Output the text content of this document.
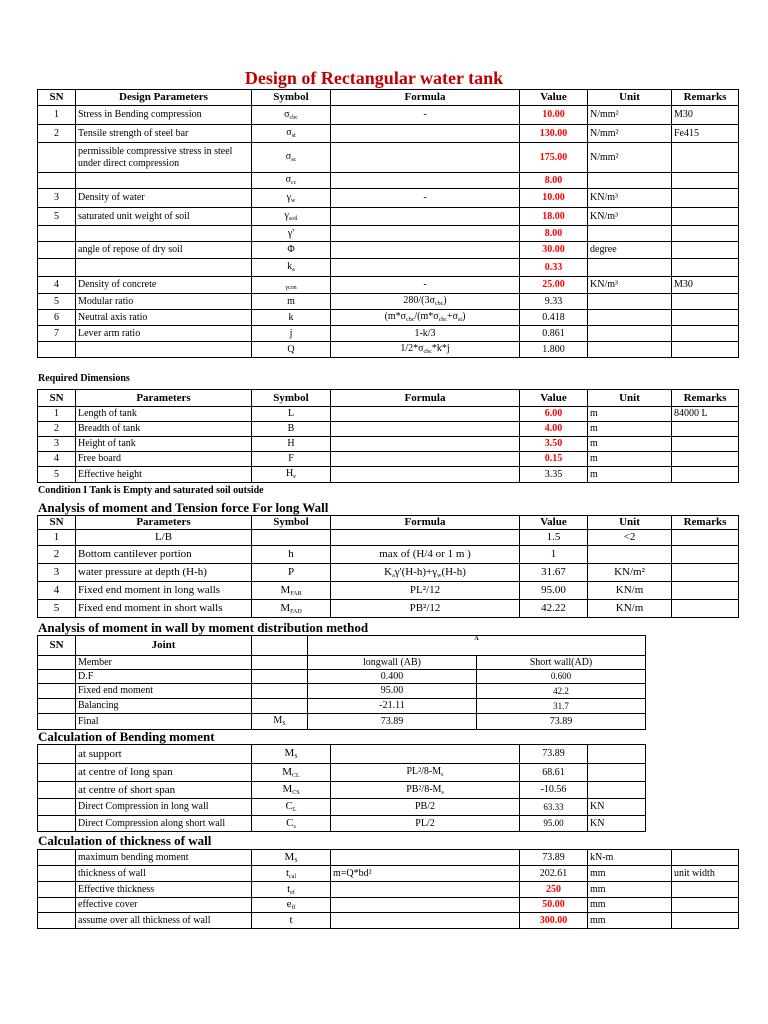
Design of Rectangular water tank
SN	Design Parameters	Symbol	Formula	Value	Unit	Remarks
1	Stress in Bending compression	$\sigma_{cbc}$	-	10.00	N/mm²	M30
2	Tensile strength of steel bar	$\sigma_{st}$		130.00	N/mm²	Fe415
	permissible compressive stress in steel under direct compression	$\sigma_{sc}$		175.00	N/mm²	
		$\sigma_{cc}$		8.00		
3	Density of water	$\gamma_w$	-	10.00	KN/m³	
5	saturated unit weight of soil	$\gamma_{soil}$		18.00	KN/m³	
		γ'		8.00		
	angle of repose of dry soil	Φ		30.00	degree	
		$k_a$		0.33		
4	Density of concrete	$_{\gamma con}$	-	25.00	KN/m³	M30
5	Modular ratio	m	$280/(3\sigma_{cbc})$	9.33		
6	Neutral axis ratio	k	($m*\sigma_{cbc}/(m*\sigma_{cbc}+\sigma_{st})$	0.418		
7	Lever arm ratio	j	1-k/3	0.861		
		Q	$1/2*\sigma_{cbc}*k*j$	1.800		
Required Dimensions
SN	Parameters	Symbol	Formula	Value	Unit	Remarks
1	Length of tank	L		6.00	m	84000 L
2	Breadth of tank	B		4.00	m	
3	Height of tank	H		3.50	m	
4	Free board	F		0.15	m	
5	Effective height	$H_e$		3.35	m	
Condition I Tank is Empty and saturated soil outside
Analysis of moment and Tension force For long Wall
SN	Parameters	Symbol	Formula	Value	Unit	Remarks
1	L/B			1.5	<2	
2	Bottom cantilever portion	h	max of (H/4 or 1 m )	1		
3	water pressure at depth (H-h)	P	$K_a\gamma'(H-h)+\gamma_w(H-h)$	31.67	KN/m²	
4	Fixed end moment in long walls	$M_{FAB}$	PL²/12	95.00	KN/m	
5	Fixed end moment in short walls	$M_{FAD}$	PB²/12	42.22	KN/m	
Analysis of moment in wall by moment distribution method
SN	Joint		A	
	Member		longwall (AB)	Short wall(AD)
	D.F		0.400	0.600
	Fixed end moment		95.00	42.2
	Balancing		-21.11	31.7
	Final	$M_S$	73.89	73.89
Calculation of Bending moment
	at support	$M_S$		73.89	
	at centre of long span	$M_{CL}$	PL²/$8-M_s$	68.61	
	at centre of short span	$M_{CS}$	PB²/$8-M_s$	-10.56	
	Direct Compression in long wall	$C_L$	PB/2	63.33	KN
	Direct Compression along short wall	$C_s$	PL/2	95.00	KN
Calculation of thickness of wall
	maximum bending moment	$M_S$		73.89	kN-m	
	thickness of wall	$t_{cal}$	m=Q*bd²	202.61	mm	unit width
	Effective thickness	$t_{ef}$		250	mm	
	effective cover	$e_{ff}$		50.00	mm	
	assume over all thickness of wall	t		300.00	mm	
